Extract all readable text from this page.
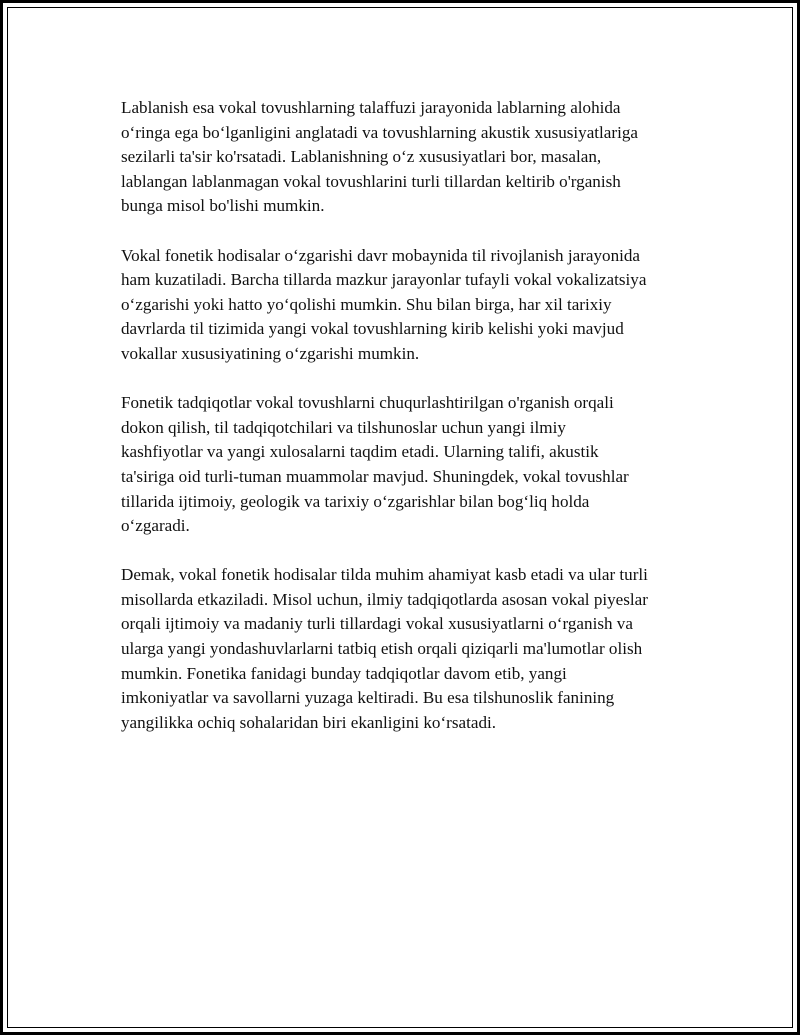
Lablanish esa vokal tovushlarning talaffuzi jarayonida lablarning alohida
o‘ringa ega bo‘lganligini anglatadi va tovushlarning akustik xususiyatlariga
sezilarli ta'sir ko'rsatadi. Lablanishning o‘z xususiyatlari bor, masalan,
lablangan lablanmagan vokal tovushlarini turli tillardan keltirib o'rganish
bunga misol bo'lishi mumkin.

Vokal fonetik hodisalar o‘zgarishi davr mobaynida til rivojlanish jarayonida
ham kuzatiladi. Barcha tillarda mazkur jarayonlar tufayli vokal vokalizatsiya
o‘zgarishi yoki hatto yo‘qolishi mumkin. Shu bilan birga, har xil tarixiy
davrlarda til tizimida yangi vokal tovushlarning kirib kelishi yoki mavjud
vokallar xususiyatining o‘zgarishi mumkin.

Fonetik tadqiqotlar vokal tovushlarni chuqurlashtirilgan o'rganish orqali
dokon qilish, til tadqiqotchilari va tilshunoslar uchun yangi ilmiy
kashfiyotlar va yangi xulosalarni taqdim etadi. Ularning talifi, akustik
ta'siriga oid turli-tuman muammolar mavjud. Shuningdek, vokal tovushlar
tillarida ijtimoiy, geologik va tarixiy o‘zgarishlar bilan bog‘liq holda
o‘zgaradi.

Demak, vokal fonetik hodisalar tilda muhim ahamiyat kasb etadi va ular turli
misollarda etkaziladi. Misol uchun, ilmiy tadqiqotlarda asosan vokal piyeslar
orqali ijtimoiy va madaniy turli tillardagi vokal xususiyatlarni o‘rganish va
ularga yangi yondashuvlarlarni tatbiq etish orqali qiziqarli ma'lumotlar olish
mumkin. Fonetika fanidagi bunday tadqiqotlar davom etib, yangi
imkoniyatlar va savollarni yuzaga keltiradi. Bu esa tilshunoslik fanining
yangilikka ochiq sohalaridan biri ekanligini ko‘rsatadi.
